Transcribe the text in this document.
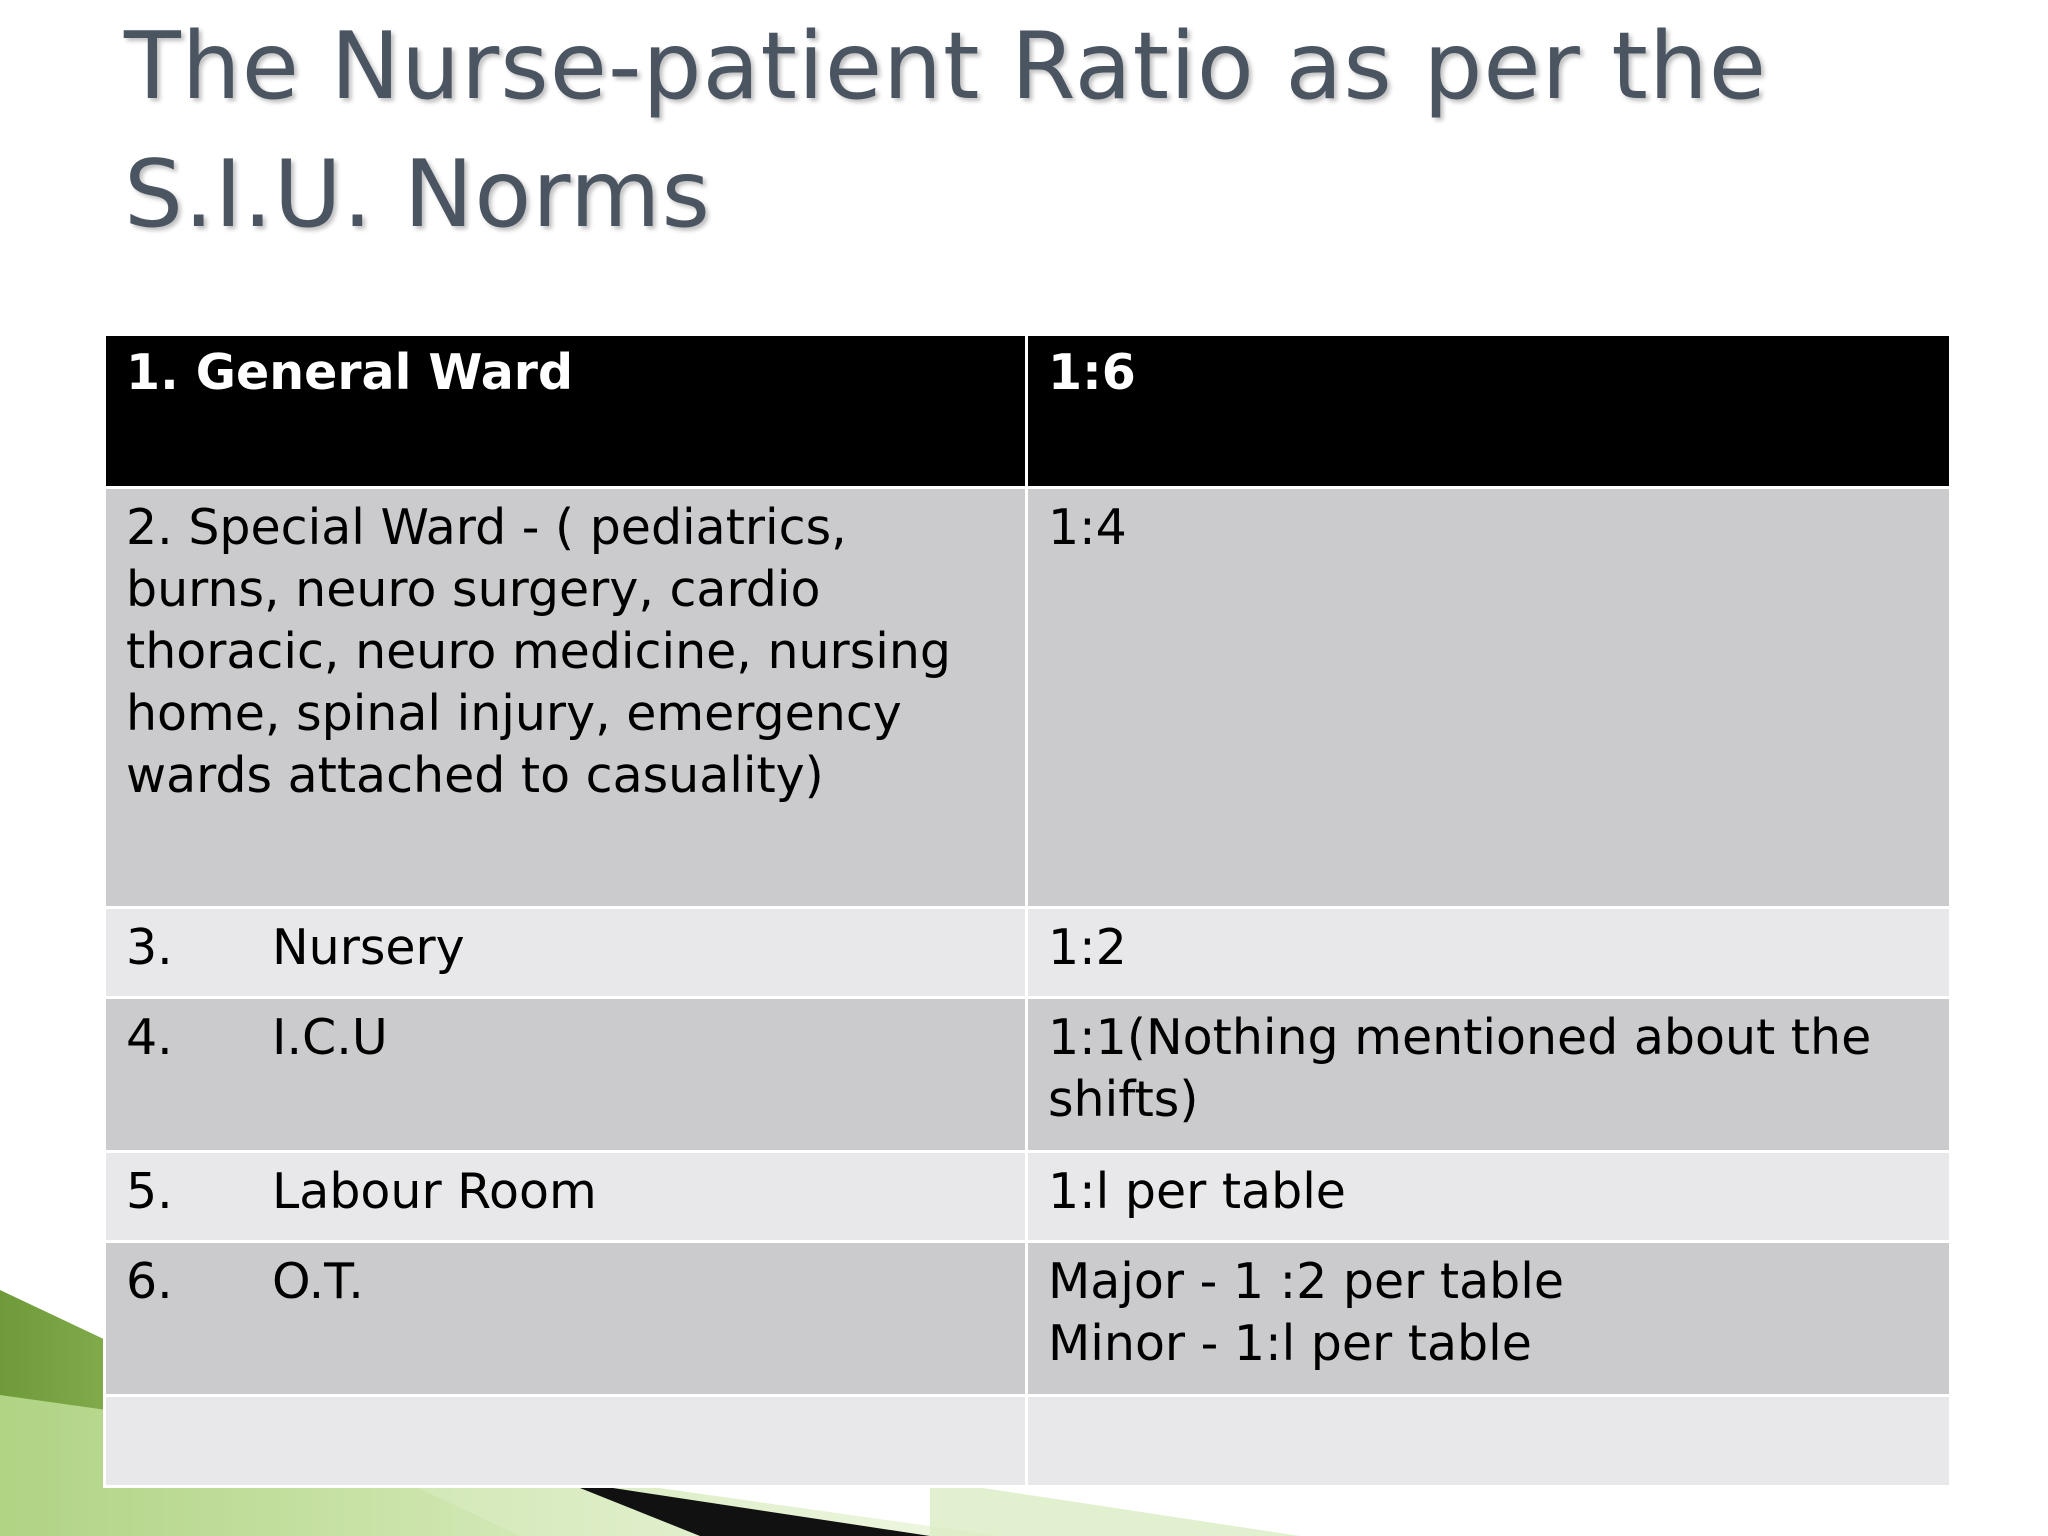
The Nurse-patient Ratio as per the S.I.U. Norms
1. General Ward	1:6
2. Special Ward - ( pediatrics, burns, neuro surgery, cardio thoracic, neuro medicine, nursing home, spinal injury, emergency wards attached to casuality)	1:4
3. Nursery	1:2
4. I.C.U	1:1(Nothing mentioned about the shifts)
5. Labour Room	1:l per table
6. O.T.	Major - 1 :2 per table
Minor - 1:l per table
